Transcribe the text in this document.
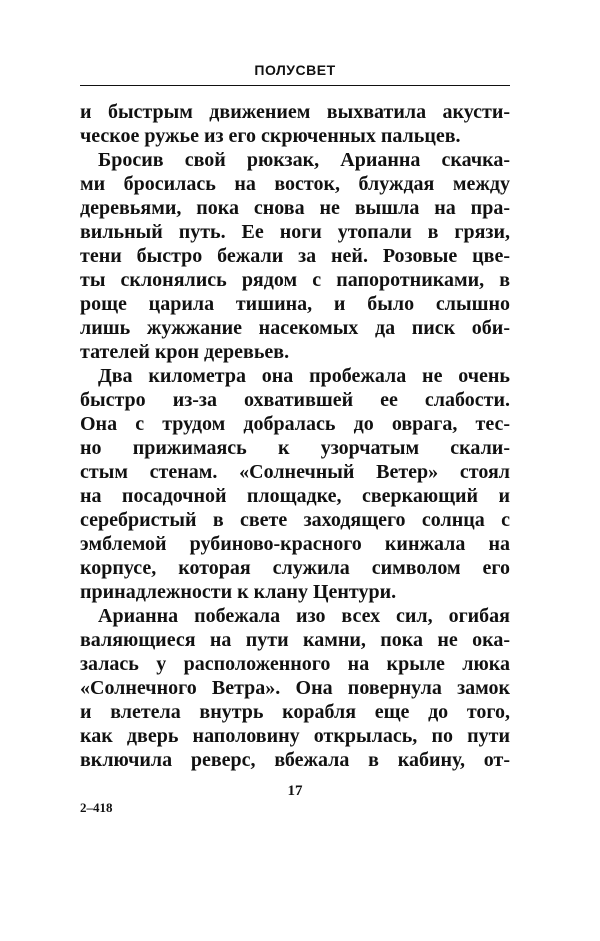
ПОЛУСВЕТ
и быстрым движением выхватила акусти-
ческое ружье из его скрюченных пальцев.
Бросив свой рюкзак, Арианна скачка-
ми бросилась на восток, блуждая между
деревьями, пока снова не вышла на пра-
вильный путь. Ее ноги утопали в грязи,
тени быстро бежали за ней. Розовые цве-
ты склонялись рядом с папоротниками, в
роще царила тишина, и было слышно
лишь жужжание насекомых да писк оби-
тателей крон деревьев.
Два километра она пробежала не очень
быстро из-за охватившей ее слабости.
Она с трудом добралась до оврага, тес-
но прижимаясь к узорчатым скали-
стым стенам. «Солнечный Ветер» стоял
на посадочной площадке, сверкающий и
серебристый в свете заходящего солнца с
эмблемой рубиново-красного кинжала на
корпусе, которая служила символом его
принадлежности к клану Центури.
Арианна побежала изо всех сил, огибая
валяющиеся на пути камни, пока не ока-
залась у расположенного на крыле люка
«Солнечного Ветра». Она повернула замок
и влетела внутрь корабля еще до того,
как дверь наполовину открылась, по пути
включила реверс, вбежала в кабину, от-
17
2–418
